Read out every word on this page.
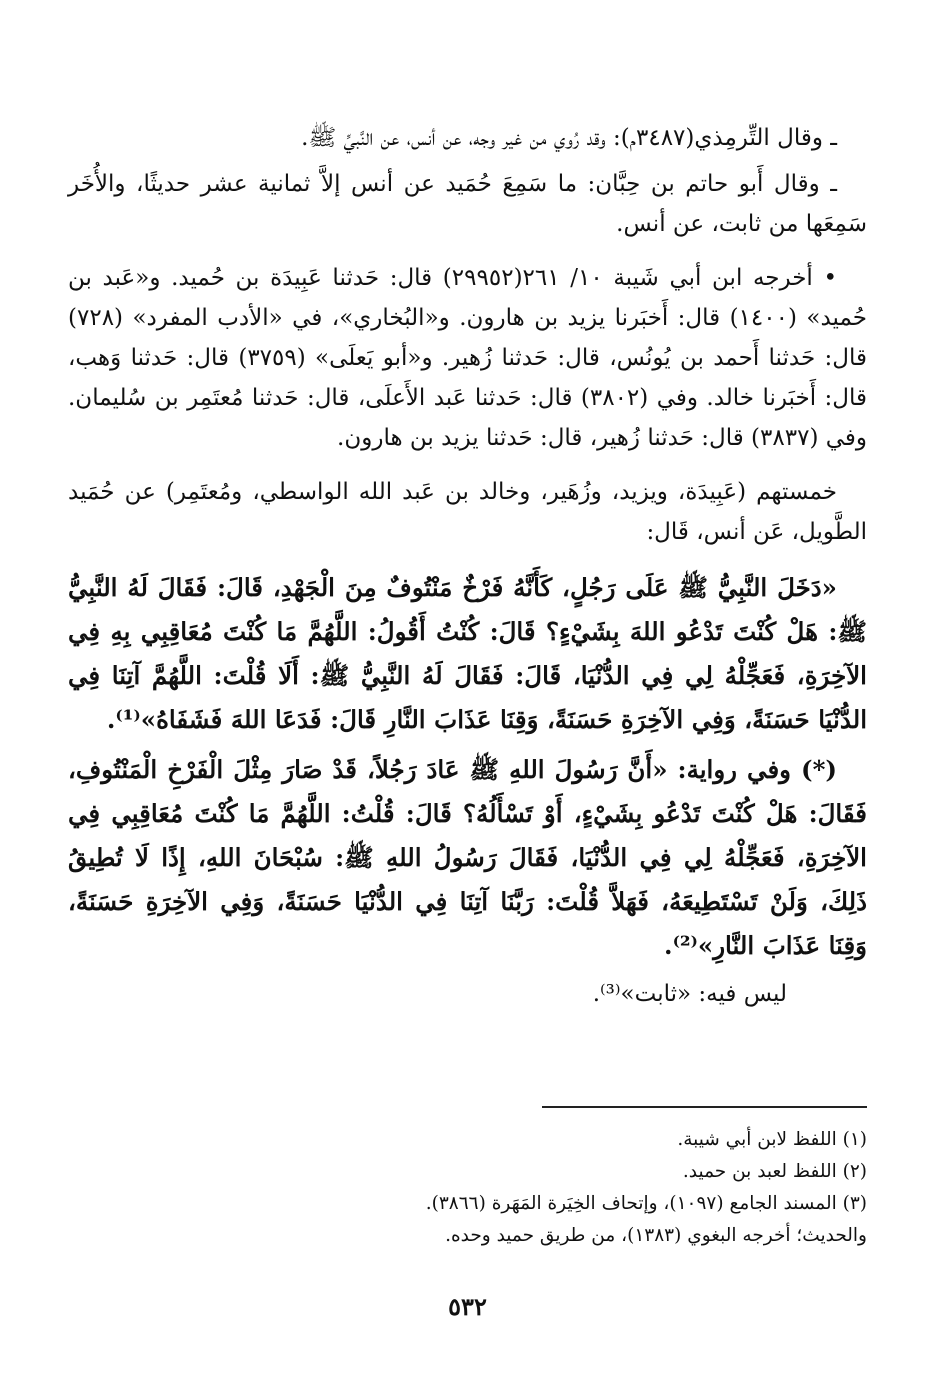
ـ وقال التِّرمِذي(٣٤٨٧م): وقد رُوي من غير وجه، عن أنس، عن النَّبيِّ ﷺ.

ـ وقال أَبو حاتم بن حِبَّان: ما سَمِعَ حُمَيد عن أنس إلاَّ ثمانية عشر حديثًا، والأُخَر سَمِعَها من ثابت، عن أنس.

• أخرجه ابن أبي شَيبة ١٠/ ٢٦١(٢٩٩٥٢) قال: حَدثنا عَبِيدَة بن حُميد. و«عَبد بن حُميد» (١٤٠٠) قال: أَخبَرنا يزيد بن هارون. و«البُخاري»، في «الأدب المفرد» (٧٢٨) قال: حَدثنا أَحمد بن يُونُس، قال: حَدثنا زُهير. و«أبو يَعلَى» (٣٧٥٩) قال: حَدثنا وَهب، قال: أَخبَرنا خالد. وفي (٣٨٠٢) قال: حَدثنا عَبد الأَعلَى، قال: حَدثنا مُعتَمِر بن سُليمان. وفي (٣٨٣٧) قال: حَدثنا زُهير، قال: حَدثنا يزيد بن هارون.

خمستهم (عَبِيدَة، ويزيد، وزُهَير، وخالد بن عَبد الله الواسطي، ومُعتَمِر) عن حُمَيد الطَّويل، عَن أنس، قَال:

«دَخَلَ النَّبِيُّ ﷺ عَلَى رَجُلٍ، كَأَنَّهُ فَرْخٌ مَنْتُوفٌ مِنَ الْجَهْدِ، قَالَ: فَقَالَ لَهُ النَّبِيُّ ﷺ: هَلْ كُنْتَ تَدْعُو اللهَ بِشَيْءٍ؟ قَالَ: كُنْتُ أَقُولُ: اللَّهُمَّ مَا كُنْتَ مُعَاقِبِي بِهِ فِي الآخِرَةِ، فَعَجِّلْهُ لِي فِي الدُّنْيَا، قَالَ: فَقَالَ لَهُ النَّبِيُّ ﷺ: أَلَا قُلْتَ: اللَّهُمَّ آتِنَا فِي الدُّنْيَا حَسَنَةً، وَفِي الآخِرَةِ حَسَنَةً، وَقِنَا عَذَابَ النَّارِ قَالَ: فَدَعَا اللهَ فَشَفَاهُ»⁽¹⁾.

(*) وفي رواية: «أَنَّ رَسُولَ اللهِ ﷺ عَادَ رَجُلاً، قَدْ صَارَ مِثْلَ الْفَرْخِ الْمَنْتُوفِ، فَقَالَ: هَلْ كُنْتَ تَدْعُو بِشَيْءٍ، أَوْ تَسْأَلُهُ؟ قَالَ: قُلْتُ: اللَّهُمَّ مَا كُنْتَ مُعَاقِبِي فِي الآخِرَةِ، فَعَجِّلْهُ لِي فِي الدُّنْيَا، فَقَالَ رَسُولُ اللهِ ﷺ: سُبْحَانَ اللهِ، إِذًا لَا تُطِيقُ ذَلِكَ، وَلَنْ تَسْتَطِيعَهُ، فَهَلاَّ قُلْتَ: رَبَّنَا آتِنَا فِي الدُّنْيَا حَسَنَةً، وَفِي الآخِرَةِ حَسَنَةً، وَقِنَا عَذَابَ النَّارِ»⁽²⁾.

ليس فيه: «ثابت»⁽³⁾.

(١) اللفظ لابن أبي شيبة.

(٢) اللفظ لعبد بن حميد.

(٣) المسند الجامع (١٠٩٧)، وإتحاف الخِيَرة المَهَرة (٣٨٦٦).

والحديث؛ أخرجه البغوي (١٣٨٣)، من طريق حميد وحده.

٥٣٢
